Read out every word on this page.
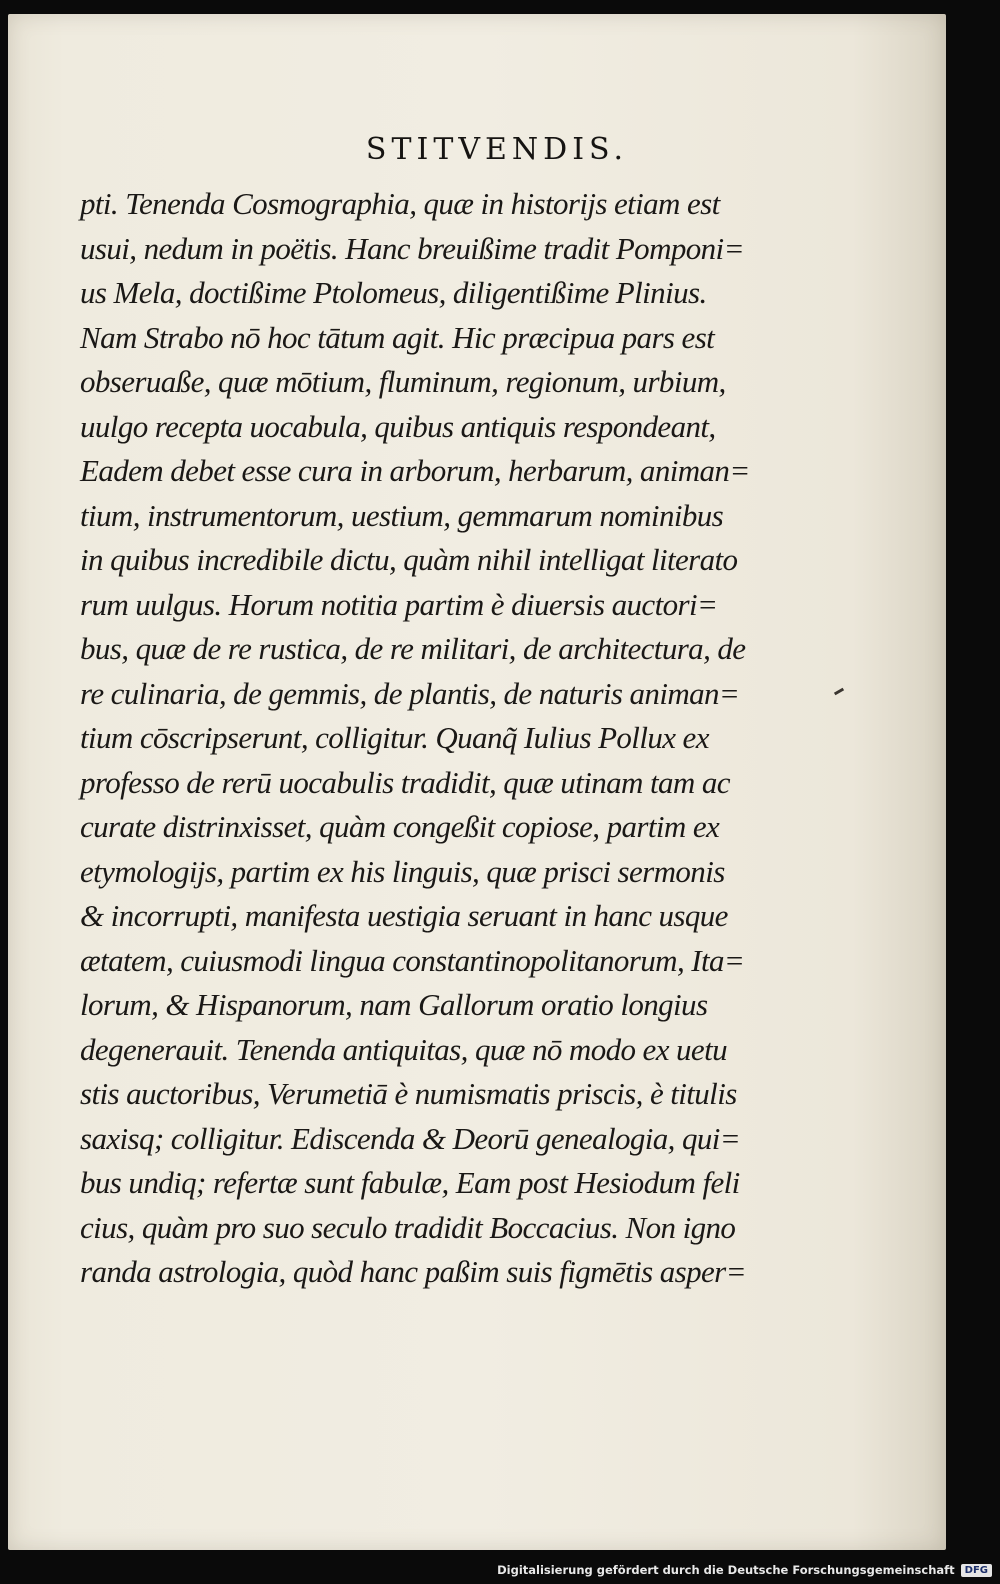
STITVENDIS.
pti. Tenenda Cosmographia, quæ in historijs etiam est
usui, nedum in poëtis. Hanc breuißime tradit Pomponi=
us Mela, doctißime Ptolomeus, diligentißime Plinius.
Nam Strabo nō hoc tātum agit. Hic præcipua pars est
obseruaße, quæ mōtium, fluminum, regionum, urbium,
uulgo recepta uocabula, quibus antiquis respondeant,
Eadem debet esse cura in arborum, herbarum, animan=
tium, instrumentorum, uestium, gemmarum nominibus
in quibus incredibile dictu, quàm nihil intelligat literato
rum uulgus. Horum notitia partim è diuersis auctori=
bus, quæ de re rustica, de re militari, de architectura, de
re culinaria, de gemmis, de plantis, de naturis animan=
tium cōscripserunt, colligitur. Quanq̃ Iulius Pollux ex
professo de rerū uocabulis tradidit, quæ utinam tam ac
curate distrinxisset, quàm congeßit copiose, partim ex
etymologijs, partim ex his linguis, quæ prisci sermonis
& incorrupti, manifesta uestigia seruant in hanc usque
ætatem, cuiusmodi lingua constantinopolitanorum, Ita=
lorum, & Hispanorum, nam Gallorum oratio longius
degenerauit. Tenenda antiquitas, quæ nō modo ex uetu
stis auctoribus, Verumetiā è numismatis priscis, è titulis
saxisq; colligitur. Ediscenda & Deorū genealogia, qui=
bus undiq; refertæ sunt fabulæ, Eam post Hesiodum feli
cius, quàm pro suo seculo tradidit Boccacius. Non igno
randa astrologia, quòd hanc paßim suis figmētis asper=
Digitalisierung gefördert durch die Deutsche Forschungsgemeinschaft	DFG
